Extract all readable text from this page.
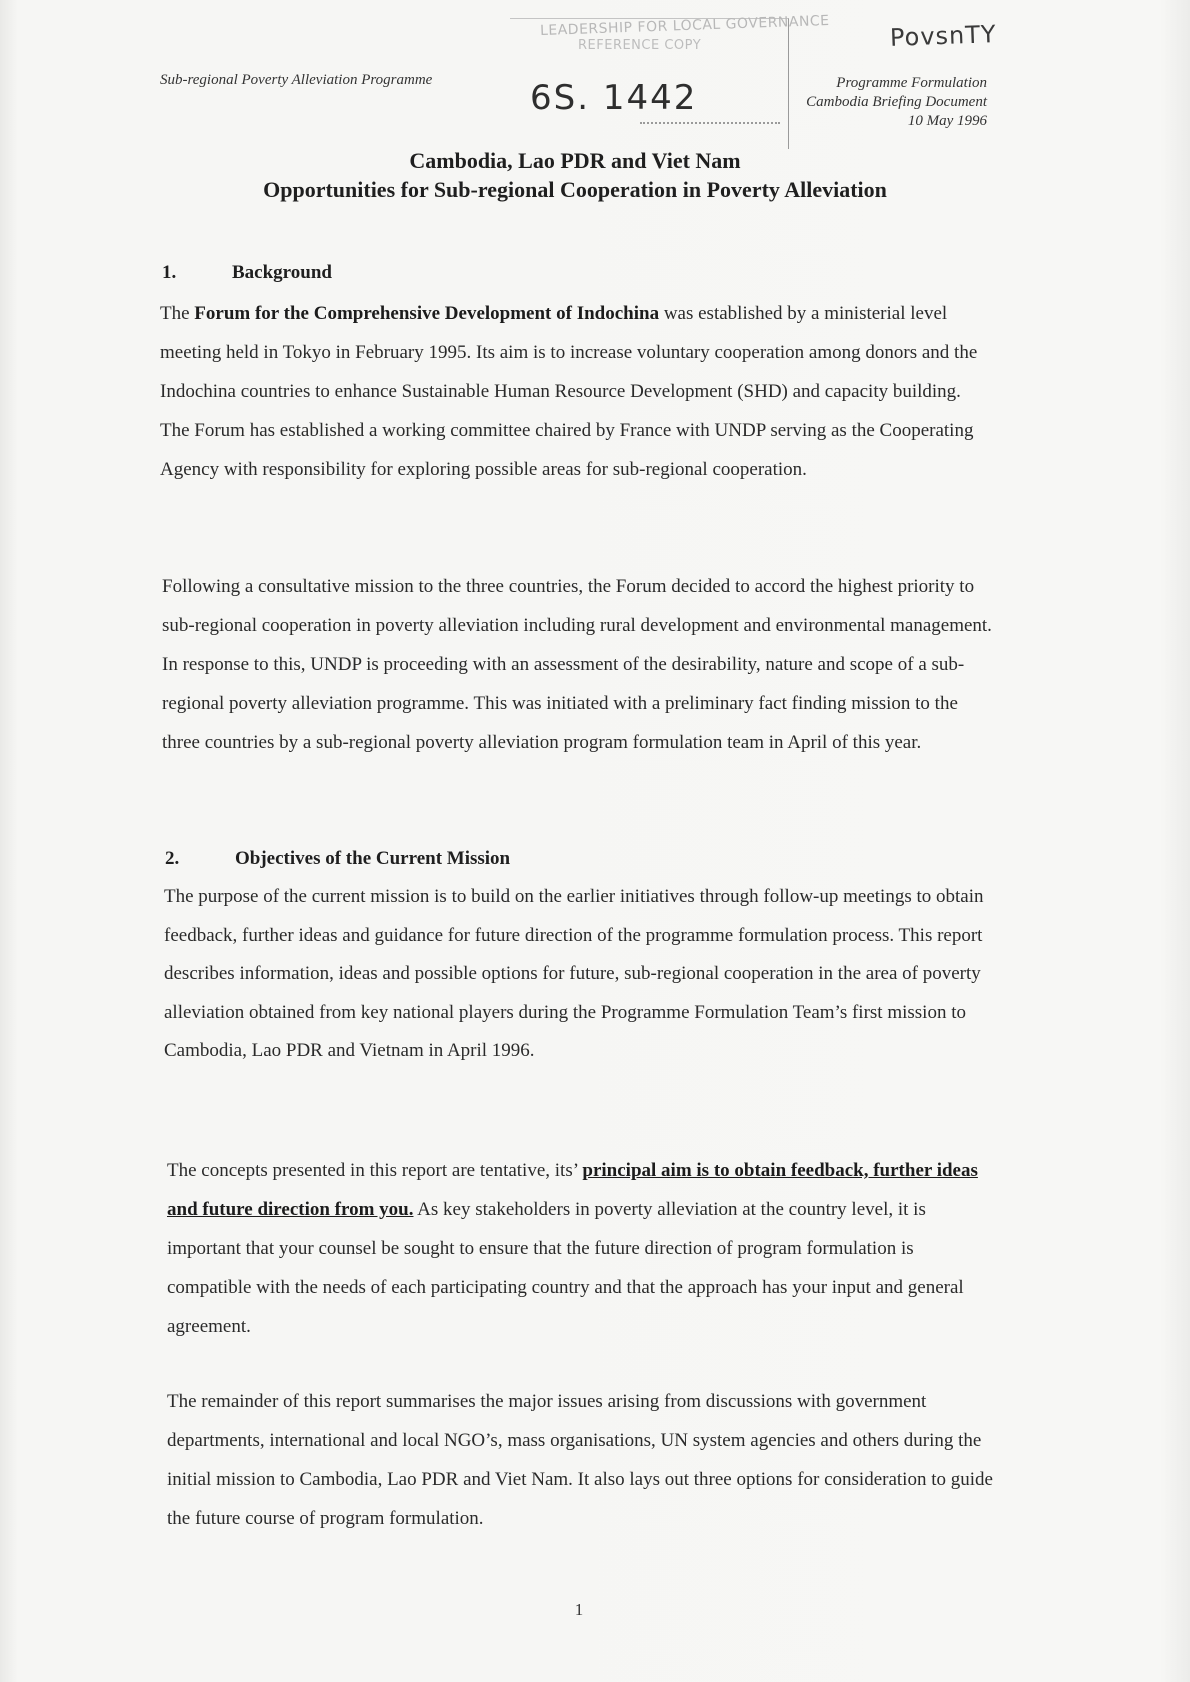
PovsnTY
LEADERSHIP FOR LOCAL GOVERNANCE
REFERENCE COPY
6S. 1442
Sub-regional Poverty Alleviation Programme	Programme Formulation
Cambodia Briefing Document
10 May 1996
Cambodia, Lao PDR and Viet Nam
Opportunities for Sub-regional Cooperation in Poverty Alleviation
1.	Background
The Forum for the Comprehensive Development of Indochina was established by a ministerial level meeting held in Tokyo in February 1995. Its aim is to increase voluntary cooperation among donors and the Indochina countries to enhance Sustainable Human Resource Development (SHD) and capacity building. The Forum has established a working committee chaired by France with UNDP serving as the Cooperating Agency with responsibility for exploring possible areas for sub-regional cooperation.
Following a consultative mission to the three countries, the Forum decided to accord the highest priority to sub-regional cooperation in poverty alleviation including rural development and environmental management. In response to this, UNDP is proceeding with an assessment of the desirability, nature and scope of a sub-regional poverty alleviation programme. This was initiated with a preliminary fact finding mission to the three countries by a sub-regional poverty alleviation program formulation team in April of this year.
2.	Objectives of the Current Mission
The purpose of the current mission is to build on the earlier initiatives through follow-up meetings to obtain feedback, further ideas and guidance for future direction of the programme formulation process. This report describes information, ideas and possible options for future, sub-regional cooperation in the area of poverty alleviation obtained from key national players during the Programme Formulation Team’s first mission to Cambodia, Lao PDR and Vietnam in April 1996.
The concepts presented in this report are tentative, its’ principal aim is to obtain feedback, further ideas and future direction from you. As key stakeholders in poverty alleviation at the country level, it is important that your counsel be sought to ensure that the future direction of program formulation is compatible with the needs of each participating country and that the approach has your input and general agreement.
The remainder of this report summarises the major issues arising from discussions with government departments, international and local NGO’s, mass organisations, UN system agencies and others during the initial mission to Cambodia, Lao PDR and Viet Nam. It also lays out three options for consideration to guide the future course of program formulation.
1
